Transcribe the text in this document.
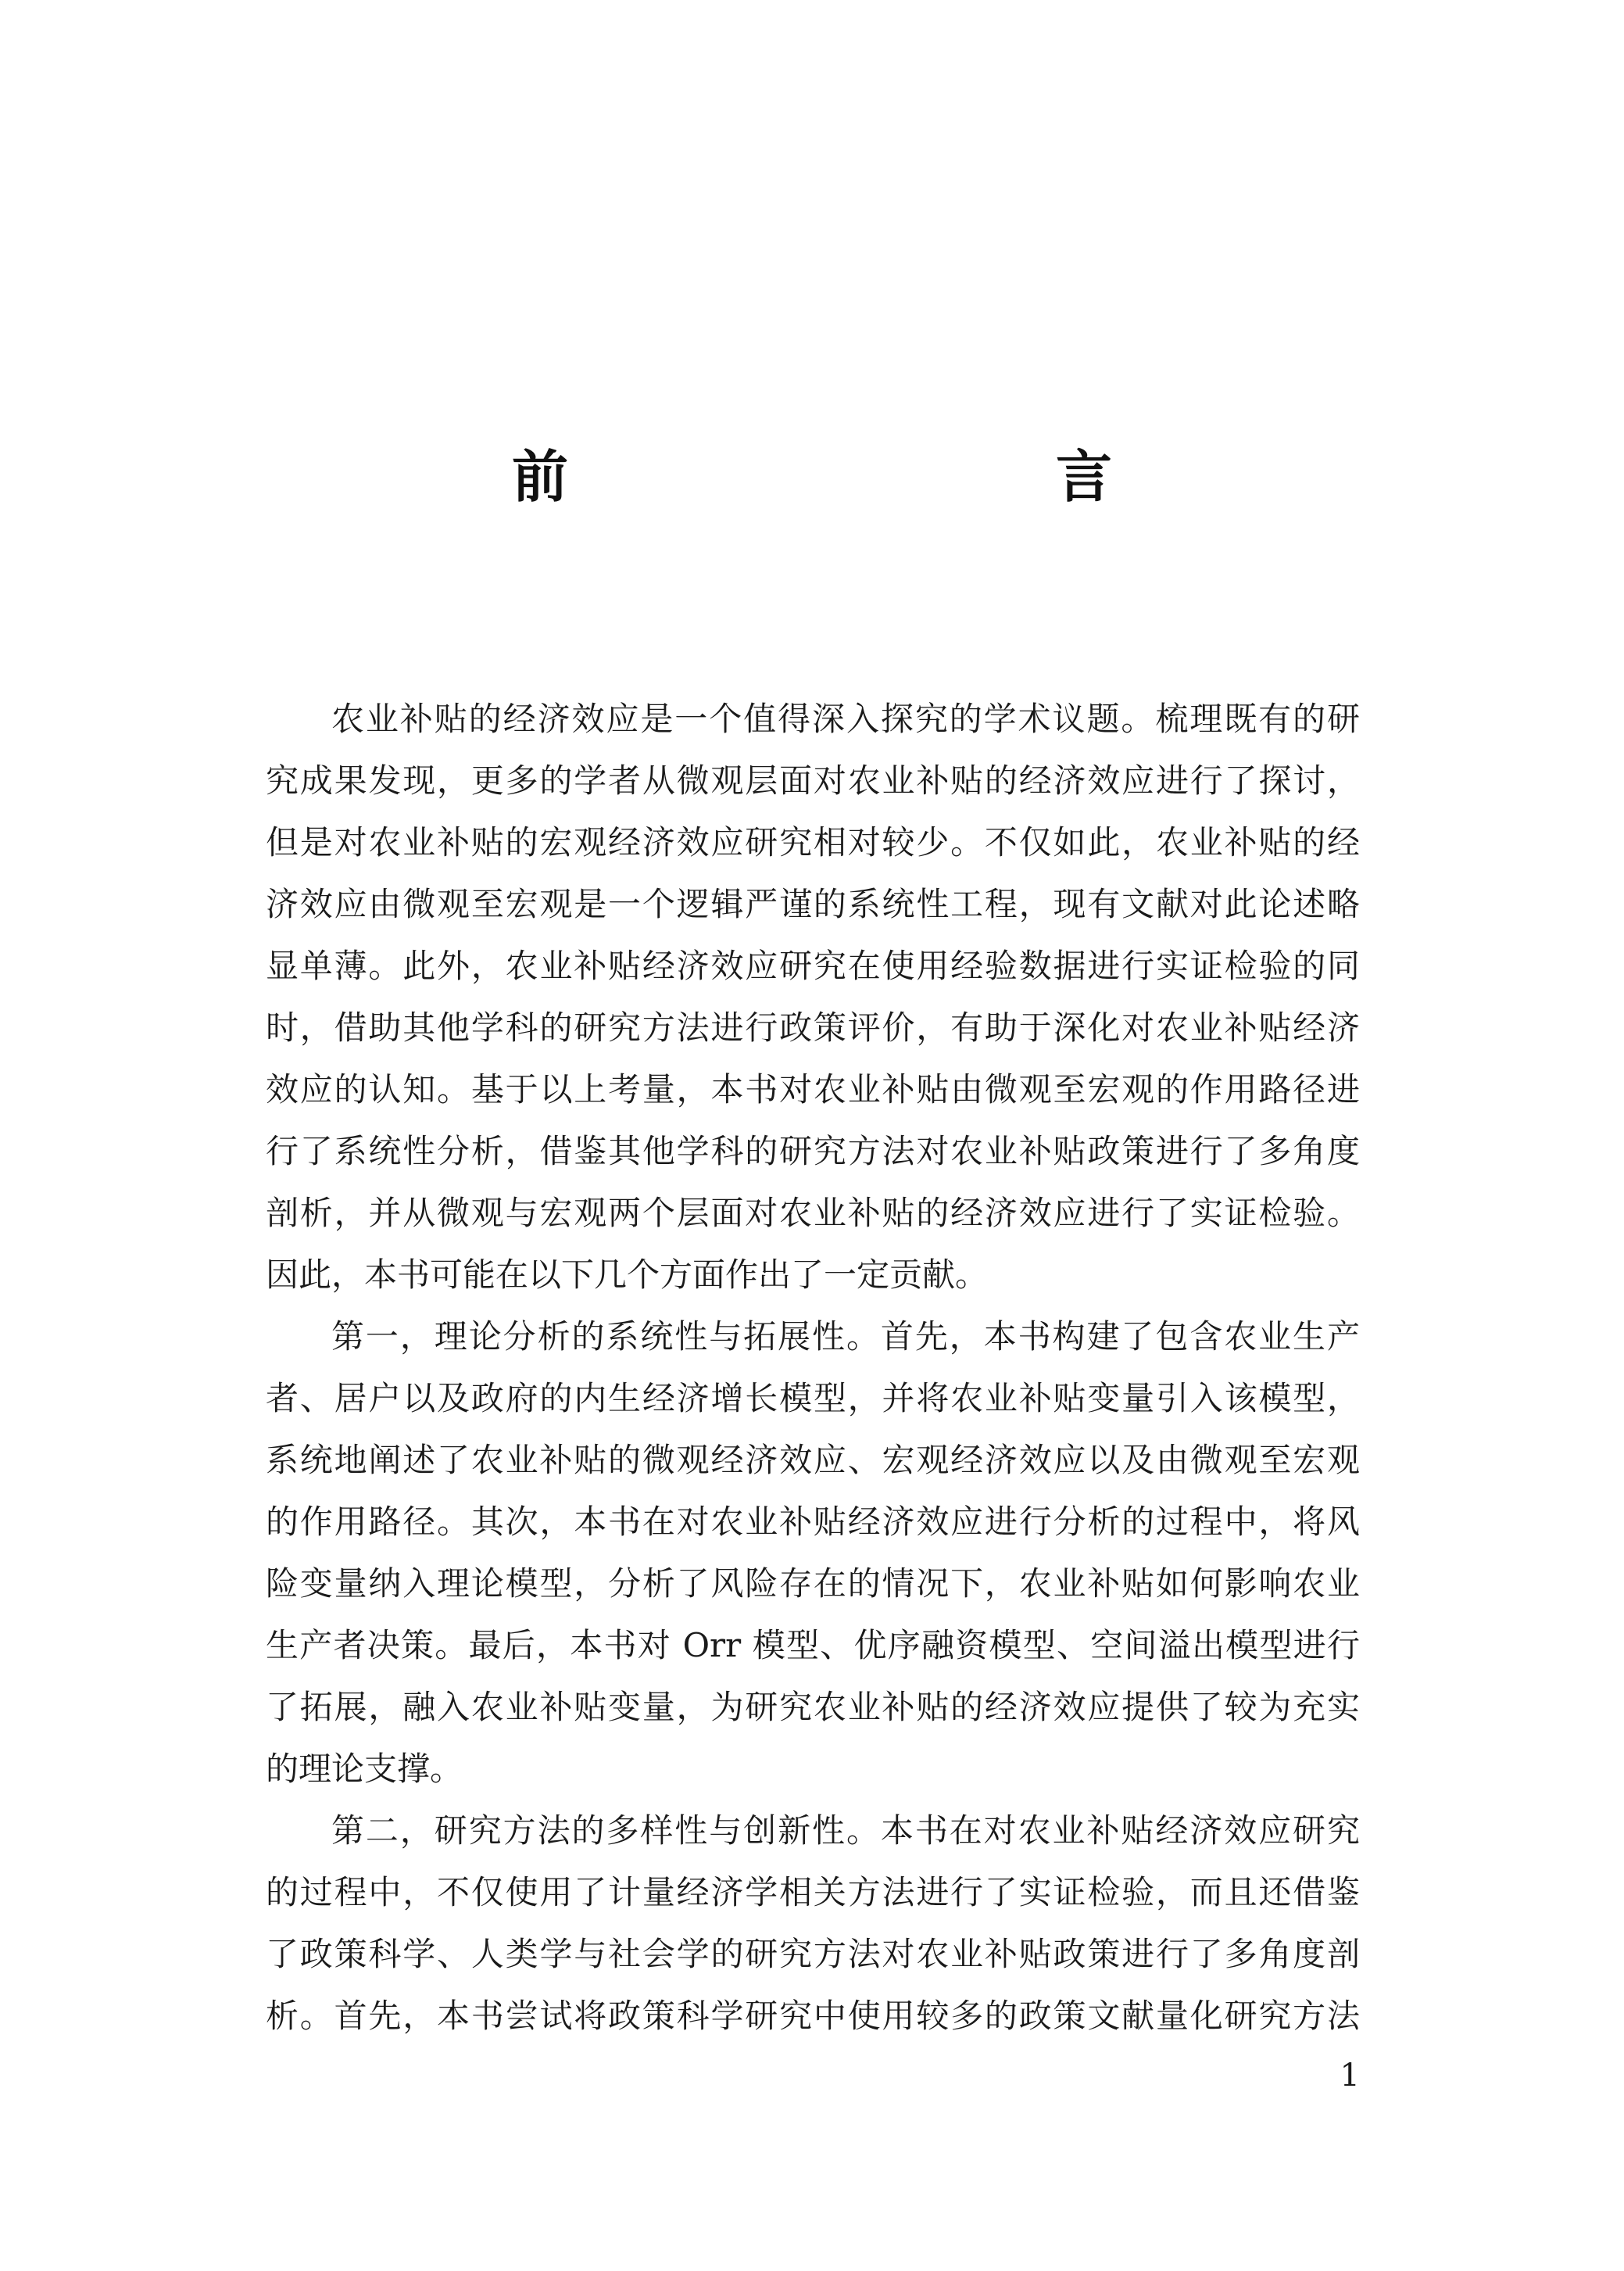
前　　言
农业补贴的经济效应是一个值得深入探究的学术议题。梳理既有的研
究成果发现，更多的学者从微观层面对农业补贴的经济效应进行了探讨，
但是对农业补贴的宏观经济效应研究相对较少。不仅如此，农业补贴的经
济效应由微观至宏观是一个逻辑严谨的系统性工程，现有文献对此论述略
显单薄。此外，农业补贴经济效应研究在使用经验数据进行实证检验的同
时，借助其他学科的研究方法进行政策评价，有助于深化对农业补贴经济
效应的认知。基于以上考量，本书对农业补贴由微观至宏观的作用路径进
行了系统性分析，借鉴其他学科的研究方法对农业补贴政策进行了多角度
剖析，并从微观与宏观两个层面对农业补贴的经济效应进行了实证检验。
因此，本书可能在以下几个方面作出了一定贡献。
第一，理论分析的系统性与拓展性。首先，本书构建了包含农业生产
者、居户以及政府的内生经济增长模型，并将农业补贴变量引入该模型，
系统地阐述了农业补贴的微观经济效应、宏观经济效应以及由微观至宏观
的作用路径。其次，本书在对农业补贴经济效应进行分析的过程中，将风
险变量纳入理论模型，分析了风险存在的情况下，农业补贴如何影响农业
生产者决策。最后，本书对 Orr 模型、优序融资模型、空间溢出模型进行
了拓展，融入农业补贴变量，为研究农业补贴的经济效应提供了较为充实
的理论支撑。
第二，研究方法的多样性与创新性。本书在对农业补贴经济效应研究
的过程中，不仅使用了计量经济学相关方法进行了实证检验，而且还借鉴
了政策科学、人类学与社会学的研究方法对农业补贴政策进行了多角度剖
析。首先，本书尝试将政策科学研究中使用较多的政策文献量化研究方法
1
